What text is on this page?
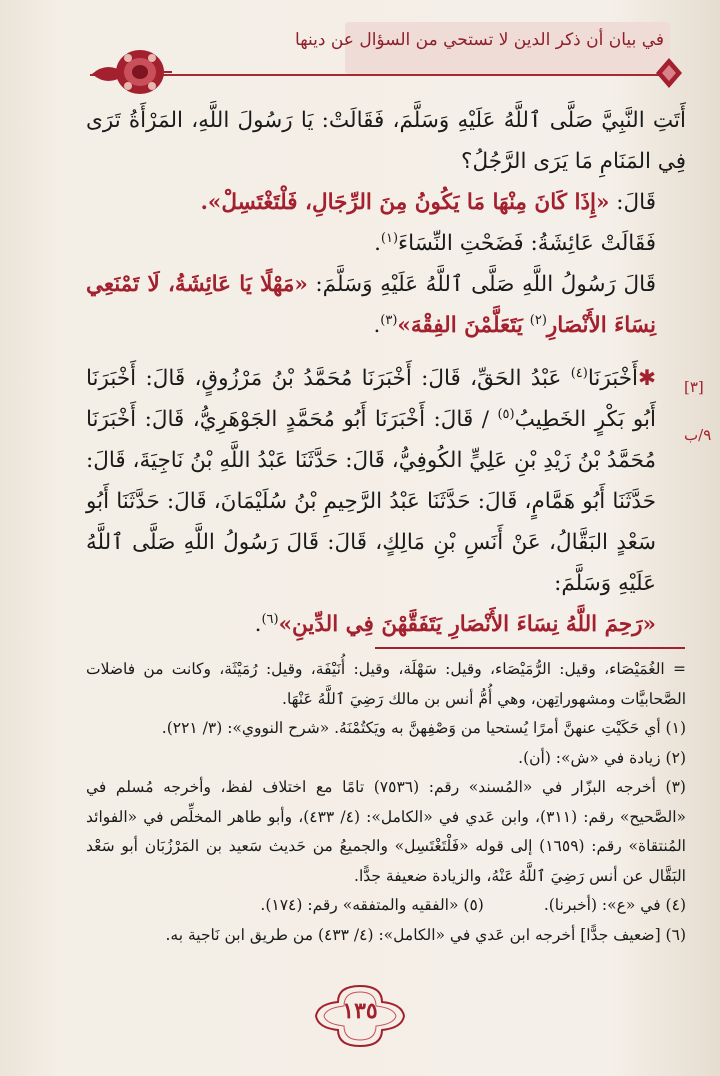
في بيان أن ذكر الدين لا تستحي من السؤال عن دينها

أَتَتِ النَّبِيَّ صَلَّى ٱللَّهُ عَلَيْهِ وَسَلَّمَ، فَقَالَتْ: يَا رَسُولَ اللَّهِ، المَرْأَةُ تَرَى فِي المَنَامِ مَا يَرَى الرَّجُلُ؟

قَالَ: «إِذَا كَانَ مِنْهَا مَا يَكُونُ مِنَ الرِّجَالِ، فَلْتَغْتَسِلْ».

فَقَالَتْ عَائِشَةُ: فَضَحْتِ النِّسَاءَ$^{(١)}$.

قَالَ رَسُولُ اللَّهِ صَلَّى ٱللَّهُ عَلَيْهِ وَسَلَّمَ: «مَهْلًا يَا عَائِشَةُ، لَا تَمْنَعِي نِسَاءَ الأَنْصَارِ$^{(٢)}$ يَتَعَلَّمْنَ الفِقْهَ»$^{(٣)}$.

✱أَخْبَرَنَا$^{(٤)}$ عَبْدُ الحَقِّ، قَالَ: أَخْبَرَنَا مُحَمَّدُ بْنُ مَرْزُوقٍ، قَالَ: أَخْبَرَنَا أَبُو بَكْرٍ الخَطِيبُ$^{(٥)}$ / قَالَ: أَخْبَرَنَا أَبُو مُحَمَّدٍ الجَوْهَرِيُّ، قَالَ: أَخْبَرَنَا مُحَمَّدُ بْنُ زَيْدِ بْنِ عَلِيٍّ الكُوفِيُّ، قَالَ: حَدَّثَنَا عَبْدُ اللَّهِ بْنُ نَاجِيَةَ، قَالَ: حَدَّثَنَا أَبُو هَمَّامٍ، قَالَ: حَدَّثَنَا عَبْدُ الرَّحِيمِ بْنُ سُلَيْمَانَ، قَالَ: حَدَّثَنَا أَبُو سَعْدٍ البَقَّالُ، عَنْ أَنَسِ بْنِ مَالِكٍ، قَالَ: قَالَ رَسُولُ اللَّهِ صَلَّى ٱللَّهُ عَلَيْهِ وَسَلَّمَ:

«رَحِمَ اللَّهُ نِسَاءَ الأَنْصَارِ يَتَفَقَّهْنَ فِي الدِّينِ»$^{(٦)}$.

[٣]
٩/ب

= الغُمَيْصَاء، وقيل: الرُّمَيْصَاء، وقيل: سَهْلَة، وقيل: أُنَيْفَة، وقيل: رُمَيْثَة، وكانت من فاضلات الصَّحابيَّات ومشهوراتِهن، وهي أُمُّ أنس بن مالك رَضِيَ ٱللَّهُ عَنْهَا.

(١) أي حَكَيْتِ عنهنَّ أمرًا يُستحيا من وَصْفِهنَّ به ويَكتُمْنَهُ. «شرح النووي»: (٣/ ٢٢١).

(٢) زيادة في «ش»: (أن).

(٣) أخرجه البزّار في «المُسند» رقم: (٧٥٣٦) تامًا مع اختلاف لفظ، وأخرجه مُسلم في «الصَّحيح» رقم: (٣١١)، وابن عَدي في «الكامل»: (٤/ ٤٣٣)، وأبو طاهر المخلِّص في «الفوائد المُنتقاة» رقم: (١٦٥٩) إلى قوله «فَلْتَغْتَسِل» والجميعُ من حَديث سَعيد بن المَرْزُبَان أبو سَعْد البَقَّال عن أنس رَضِيَ ٱللَّهُ عَنْهُ، والزيادة ضعيفة جدًّا.

(٤) في «ع»: (أخبرنا).
(٥) «الفقيه والمتفقه» رقم: (١٧٤).

(٦) [ضعيف جدًّا] أخرجه ابن عَدي في «الكامل»: (٤/ ٤٣٣) من طريق ابن نَاجية به.

١٣٥
